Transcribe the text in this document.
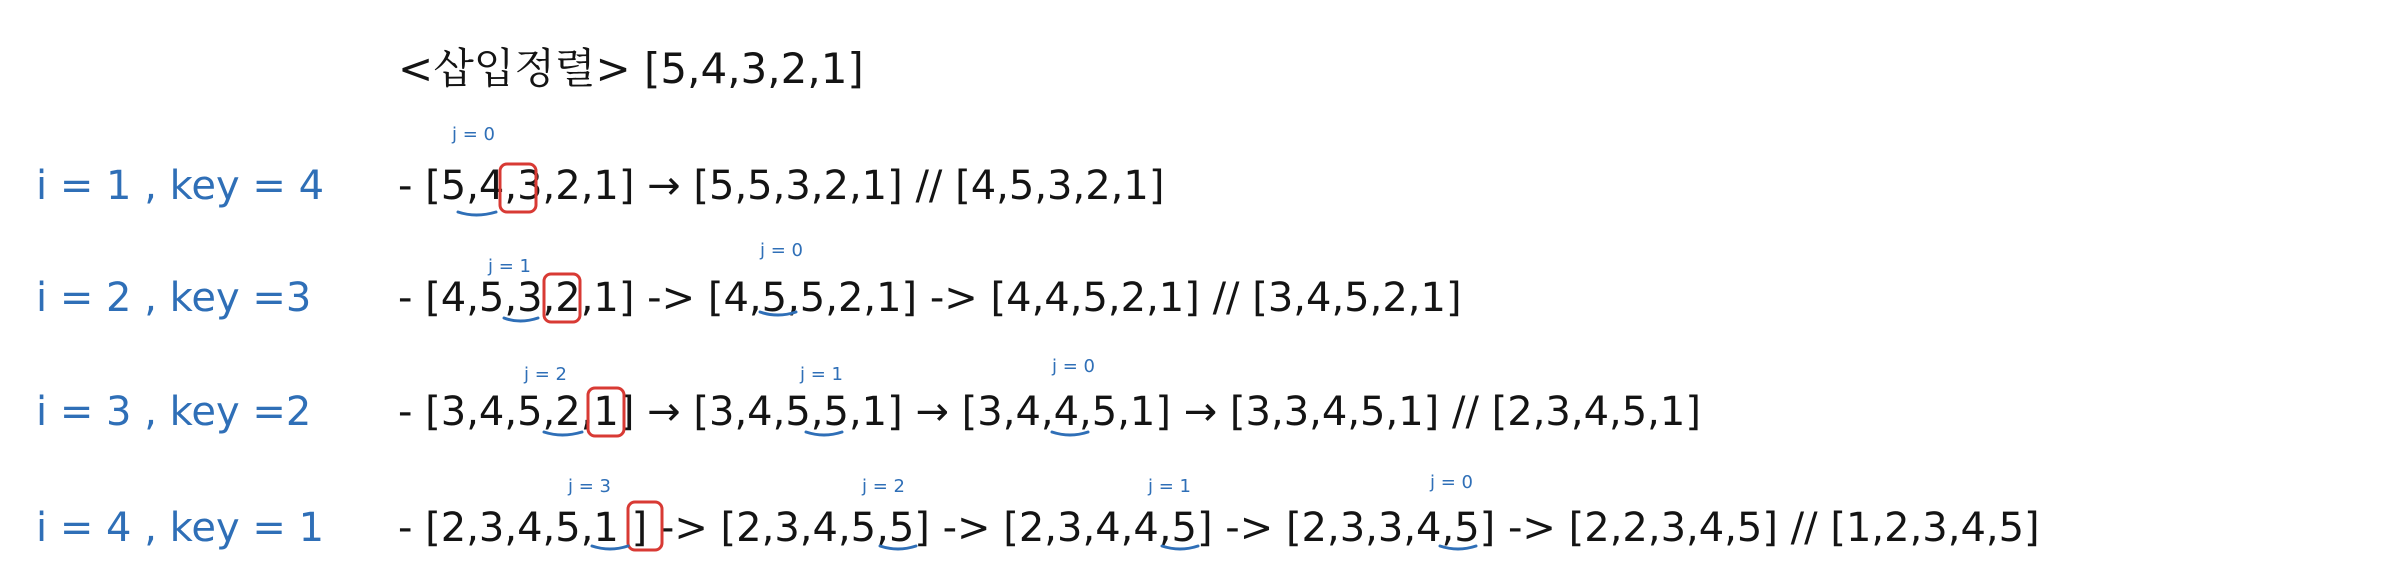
<삽입정렬> [5,4,3,2,1]
i = 1 , key = 4 - [5,4,3,2,1] → [5,5,3,2,1] // [4,5,3,2,1]
j = 0
i = 2 , key =3 - [4,5,3,2,1] -> [4,5,5,2,1] -> [4,4,5,2,1] // [3,4,5,2,1]
j = 1
j = 0
i = 3 , key =2 - [3,4,5,2,1] → [3,4,5,5,1] → [3,4,4,5,1] → [3,3,4,5,1] // [2,3,4,5,1]
j = 2	j = 1	j = 0
i = 4 , key = 1 - [2,3,4,5,1 ] -> [2,3,4,5,5] -> [2,3,4,4,5] -> [2,3,3,4,5] -> [2,2,3,4,5] // [1,2,3,4,5]
j = 3	j = 2	j = 1	j = 0
